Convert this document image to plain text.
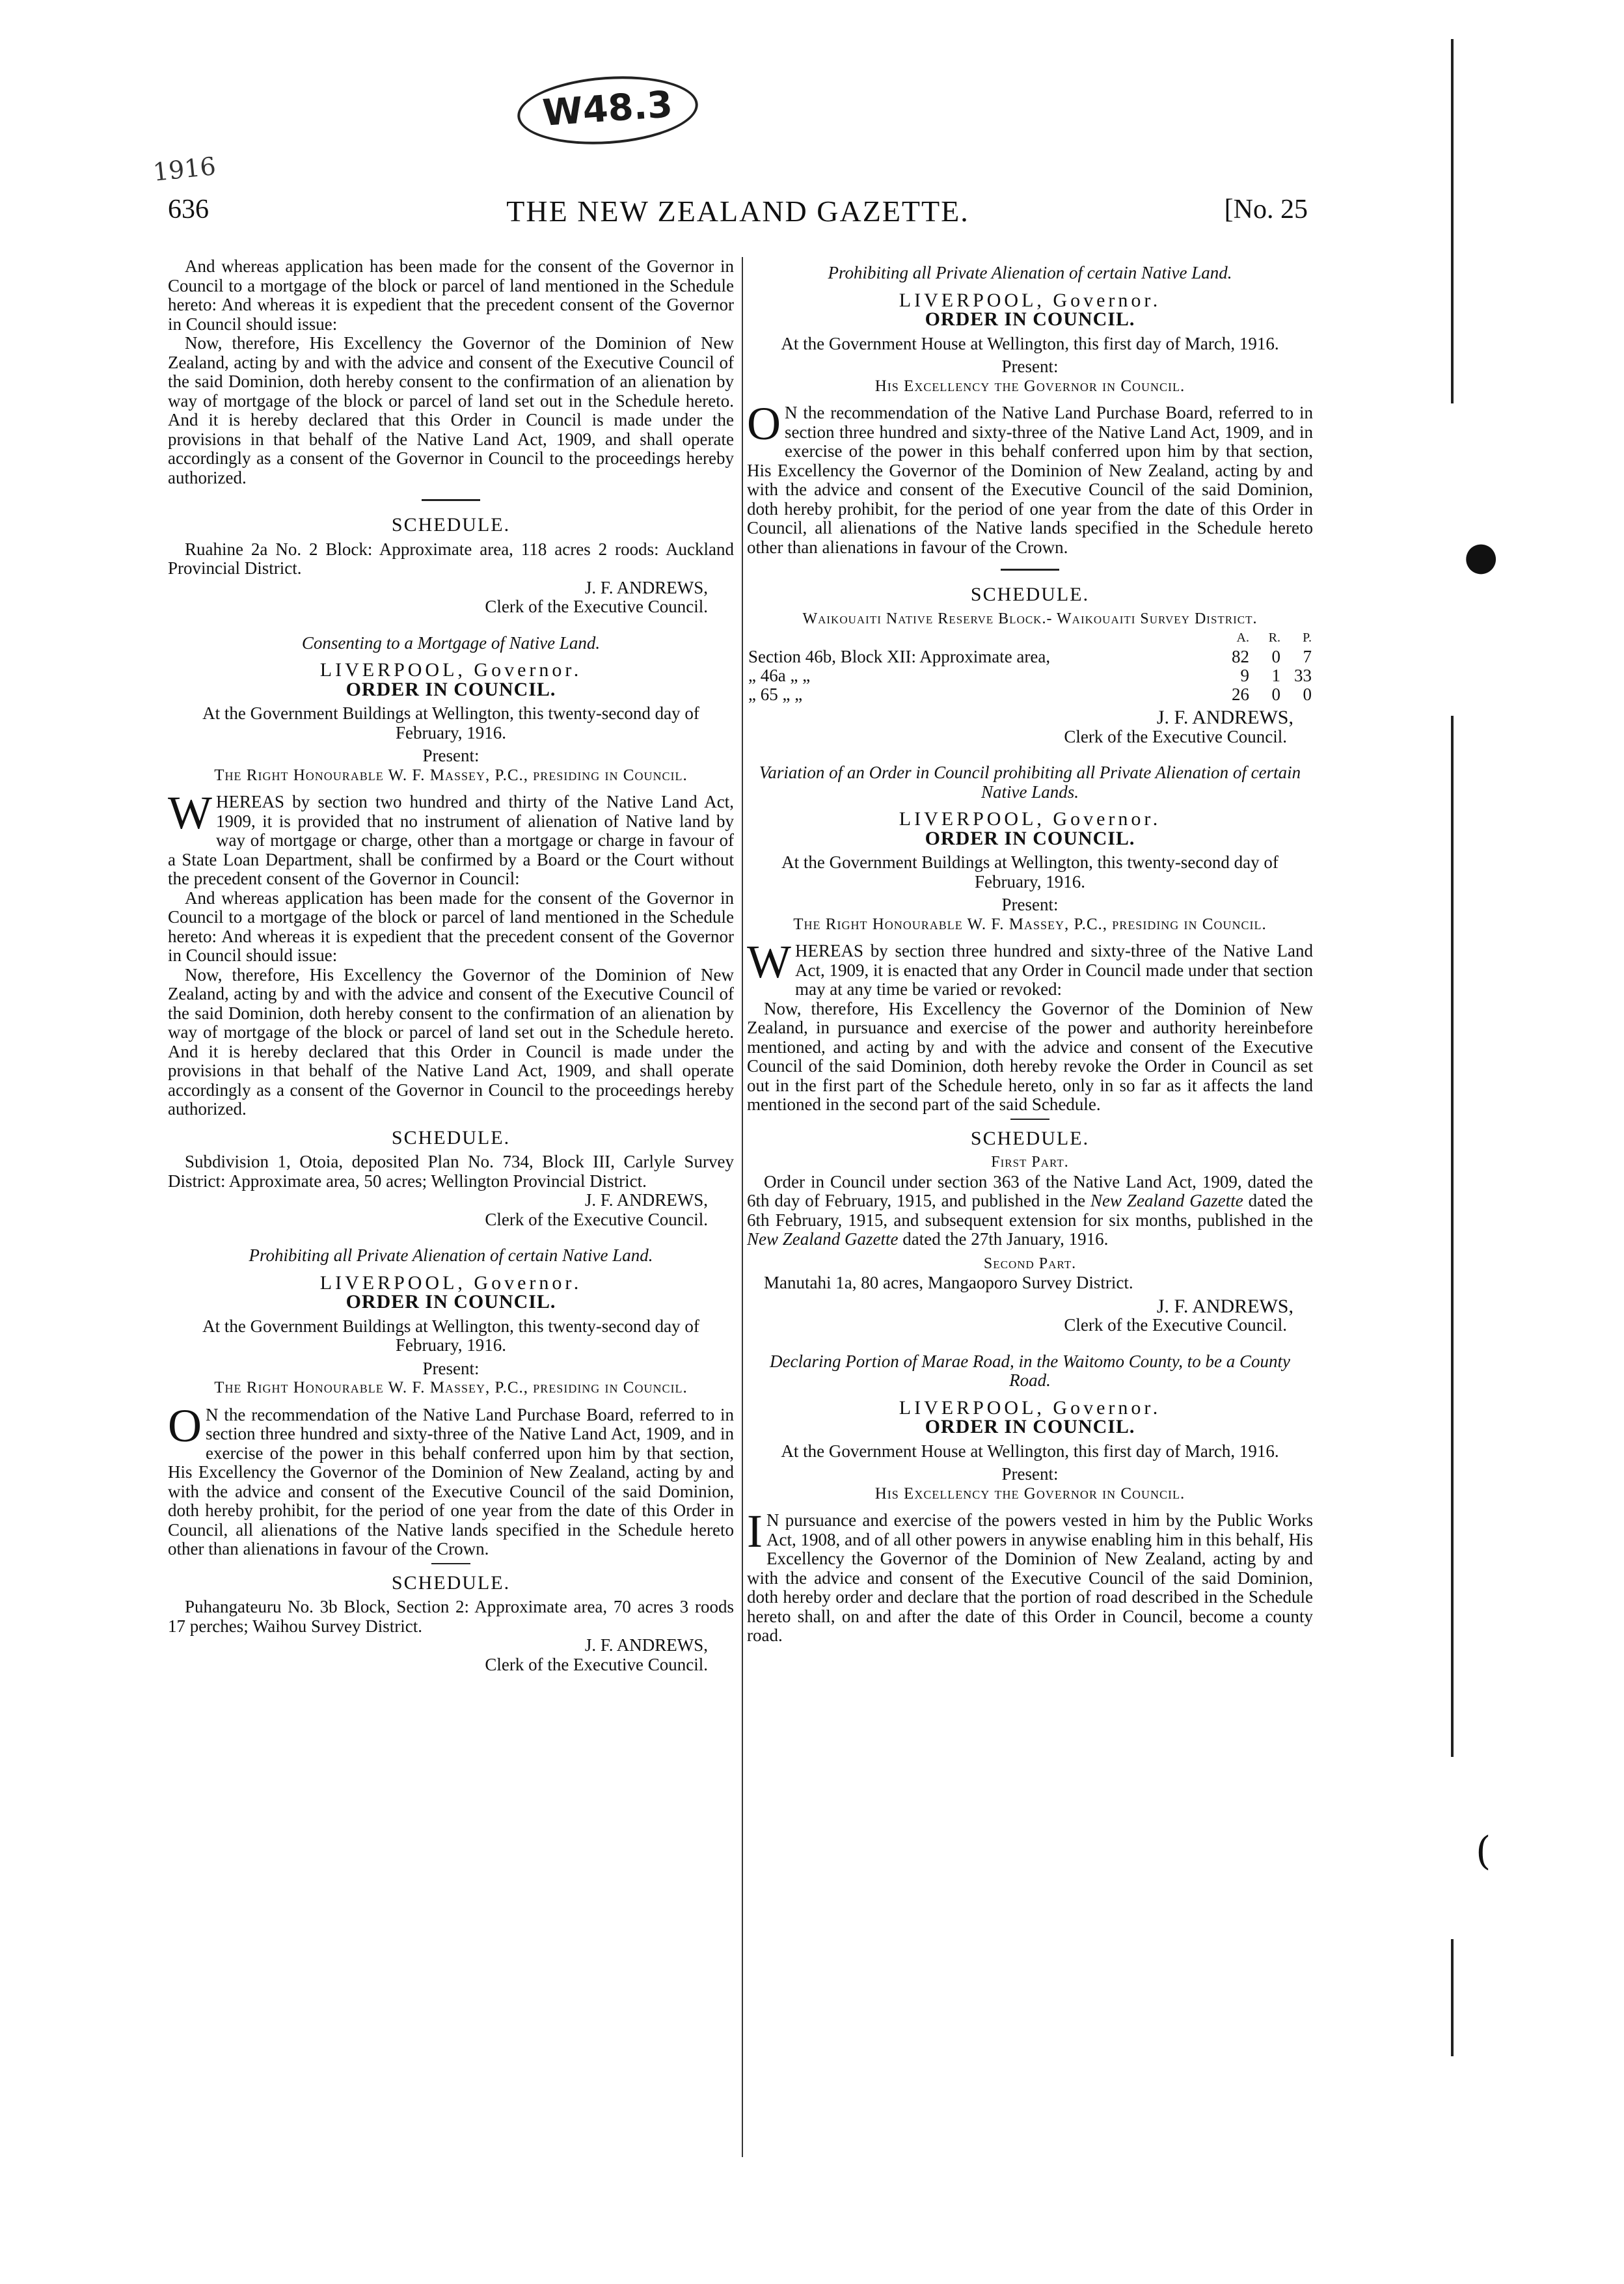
W48.3
1916
636	THE NEW ZEALAND GAZETTE.	[No. 25

And whereas application has been made for the consent of the Governor in Council to a mortgage of the block or parcel of land mentioned in the Schedule hereto: And whereas it is expedient that the precedent consent of the Governor in Council should issue:

Now, therefore, His Excellency the Governor of the Dominion of New Zealand, acting by and with the advice and consent of the Executive Council of the said Dominion, doth hereby consent to the confirmation of an alienation by way of mortgage of the block or parcel of land set out in the Schedule hereto. And it is hereby declared that this Order in Council is made under the provisions in that behalf of the Native Land Act, 1909, and shall operate accordingly as a consent of the Governor in Council to the proceedings hereby authorized.

SCHEDULE.

Ruahine 2a No. 2 Block: Approximate area, 118 acres 2 roods: Auckland Provincial District.

J. F. ANDREWS,
Clerk of the Executive Council.

Consenting to a Mortgage of Native Land.

LIVERPOOL, Governor.
ORDER IN COUNCIL.

At the Government Buildings at Wellington, this twenty-second day of February, 1916.

Present:

The Right Honourable W. F. Massey, P.C., presiding in Council.

WHEREAS by section two hundred and thirty of the Native Land Act, 1909, it is provided that no instrument of alienation of Native land by way of mortgage or charge, other than a mortgage or charge in favour of a State Loan Department, shall be confirmed by a Board or the Court without the precedent consent of the Governor in Council:

And whereas application has been made for the consent of the Governor in Council to a mortgage of the block or parcel of land mentioned in the Schedule hereto: And whereas it is expedient that the precedent consent of the Governor in Council should issue:

Now, therefore, His Excellency the Governor of the Dominion of New Zealand, acting by and with the advice and consent of the Executive Council of the said Dominion, doth hereby consent to the confirmation of an alienation by way of mortgage of the block or parcel of land set out in the Schedule hereto. And it is hereby declared that this Order in Council is made under the provisions in that behalf of the Native Land Act, 1909, and shall operate accordingly as a consent of the Governor in Council to the proceedings hereby authorized.

SCHEDULE.

Subdivision 1, Otoia, deposited Plan No. 734, Block III, Carlyle Survey District: Approximate area, 50 acres; Wellington Provincial District.

J. F. ANDREWS,
Clerk of the Executive Council.

Prohibiting all Private Alienation of certain Native Land.

LIVERPOOL, Governor.
ORDER IN COUNCIL.

At the Government Buildings at Wellington, this twenty-second day of February, 1916.

Present:

The Right Honourable W. F. Massey, P.C., presiding in Council.

O N the recommendation of the Native Land Purchase Board, referred to in section three hundred and sixty-three of the Native Land Act, 1909, and in exercise of the power in this behalf conferred upon him by that section, His Excellency the Governor of the Dominion of New Zealand, acting by and with the advice and consent of the Executive Council of the said Dominion, doth hereby prohibit, for the period of one year from the date of this Order in Council, all alienations of the Native lands specified in the Schedule hereto other than alienations in favour of the Crown.

SCHEDULE.

Puhangateuru No. 3b Block, Section 2: Approximate area, 70 acres 3 roods 17 perches; Waihou Survey District.

J. F. ANDREWS,
Clerk of the Executive Council.

Prohibiting all Private Alienation of certain Native Land.

LIVERPOOL, Governor.
ORDER IN COUNCIL.

At the Government House at Wellington, this first day of March, 1916.

Present:

His Excellency the Governor in Council.

O N the recommendation of the Native Land Purchase Board, referred to in section three hundred and sixty-three of the Native Land Act, 1909, and in exercise of the power in this behalf conferred upon him by that section, His Excellency the Governor of the Dominion of New Zealand, acting by and with the advice and consent of the Executive Council of the said Dominion, doth hereby prohibit, for the period of one year from the date of this Order in Council, all alienations of the Native lands specified in the Schedule hereto other than alienations in favour of the Crown.

SCHEDULE.
Waikouaiti Native Reserve Block.- Waikouaiti Survey District.
	A.	R.	P.
Section 46b, Block XII: Approximate area,	82	0	7
„ 46a „ „	9	1	33
„ 65 „ „	26	0	0
J. F. ANDREWS,
Clerk of the Executive Council.

Variation of an Order in Council prohibiting all Private Alienation of certain Native Lands.

LIVERPOOL, Governor.
ORDER IN COUNCIL.

At the Government Buildings at Wellington, this twenty-second day of February, 1916.

Present:

The Right Honourable W. F. Massey, P.C., presiding in Council.

WHEREAS by section three hundred and sixty-three of the Native Land Act, 1909, it is enacted that any Order in Council made under that section may at any time be varied or revoked:

Now, therefore, His Excellency the Governor of the Dominion of New Zealand, in pursuance and exercise of the power and authority hereinbefore mentioned, and acting by and with the advice and consent of the Executive Council of the said Dominion, doth hereby revoke the Order in Council as set out in the first part of the Schedule hereto, only in so far as it affects the land mentioned in the second part of the said Schedule.

SCHEDULE.
First Part.

Order in Council under section 363 of the Native Land Act, 1909, dated the 6th day of February, 1915, and published in the New Zealand Gazette dated the 6th February, 1915, and subsequent extension for six months, published in the New Zealand Gazette dated the 27th January, 1916.

Second Part.

Manutahi 1a, 80 acres, Mangaoporo Survey District.

J. F. ANDREWS,
Clerk of the Executive Council.

Declaring Portion of Marae Road, in the Waitomo County, to be a County Road.

LIVERPOOL, Governor.
ORDER IN COUNCIL.

At the Government House at Wellington, this first day of March, 1916.

Present:

His Excellency the Governor in Council.

I N pursuance and exercise of the powers vested in him by the Public Works Act, 1908, and of all other powers in anywise enabling him in this behalf, His Excellency the Governor of the Dominion of New Zealand, acting by and with the advice and consent of the Executive Council of the said Dominion, doth hereby order and declare that the portion of road described in the Schedule hereto shall, on and after the date of this Order in Council, become a county road.

●
(
